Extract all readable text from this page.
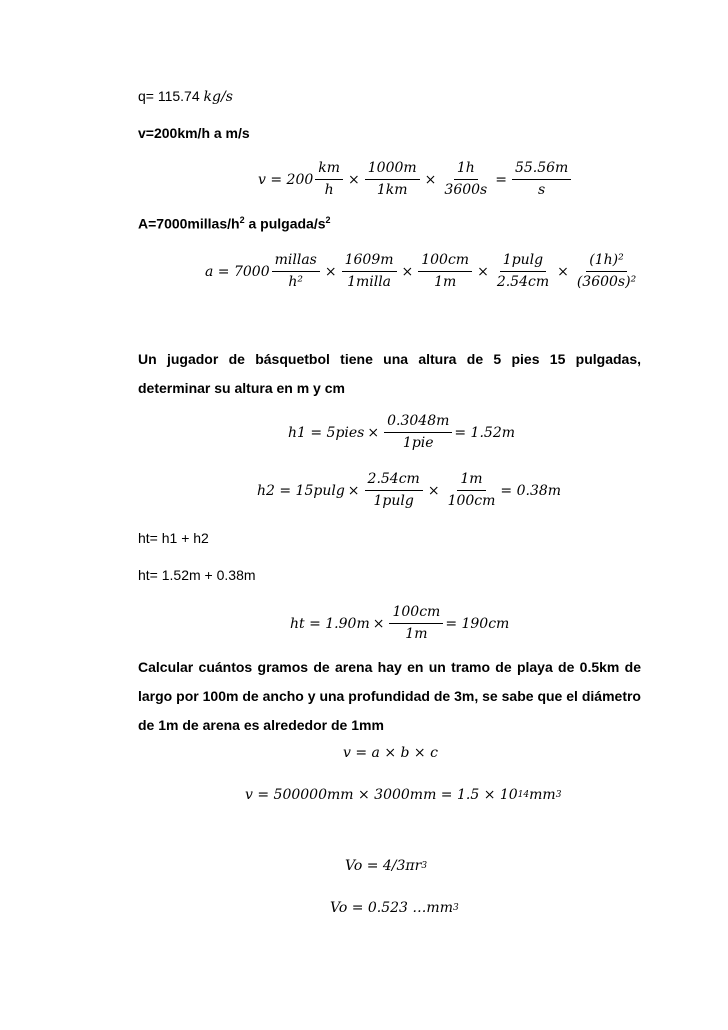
q= 115.74 kg/s
v=200km/h a m/s
$v = 200 \frac{km}{h} \times \frac{1000m}{1km} \times \frac{1h}{3600s} = \frac{55.56m}{s}$
$A=7000millas/h^2$ a pulgada/$s^2$
$a = 7000 \frac{\text{millas}}{\text{h²}} \times \frac{1609m}{\text{1milla}} \times \frac{100cm}{1m} \times \frac{1pulg}{2.54cm} \times \frac{\text{(1h)²}}{\text{(3600s)²}}$
Un jugador de básquetbol tiene una altura de 5 pies 15 pulgadas, determinar su altura en m y cm
h1 = 5pies × $\frac{0.3048m}{\text{1pie}} = 1.52m$
$h2 = 15pulg \times \frac{2.54cm}{1pulg} \times \frac{1m}{100cm} = 0.38m$
ht= h1 + h2
ht= 1.52m + 0.38m
ht = $1.90m \times \frac{100cm}{1m} = 190cm$
Calcular cuántos gramos de arena hay en un tramo de playa de 0.5km de largo por 100m de ancho y una profundidad de 3m, se sabe que el diámetro de 1m de arena es alrededor de 1mm
v = a × b × c
v = 500000mm × 3000mm = 1.5 × 10 14 mm 3
Vo = 4/3πr 3
Vo = 0.523 …mm 3
